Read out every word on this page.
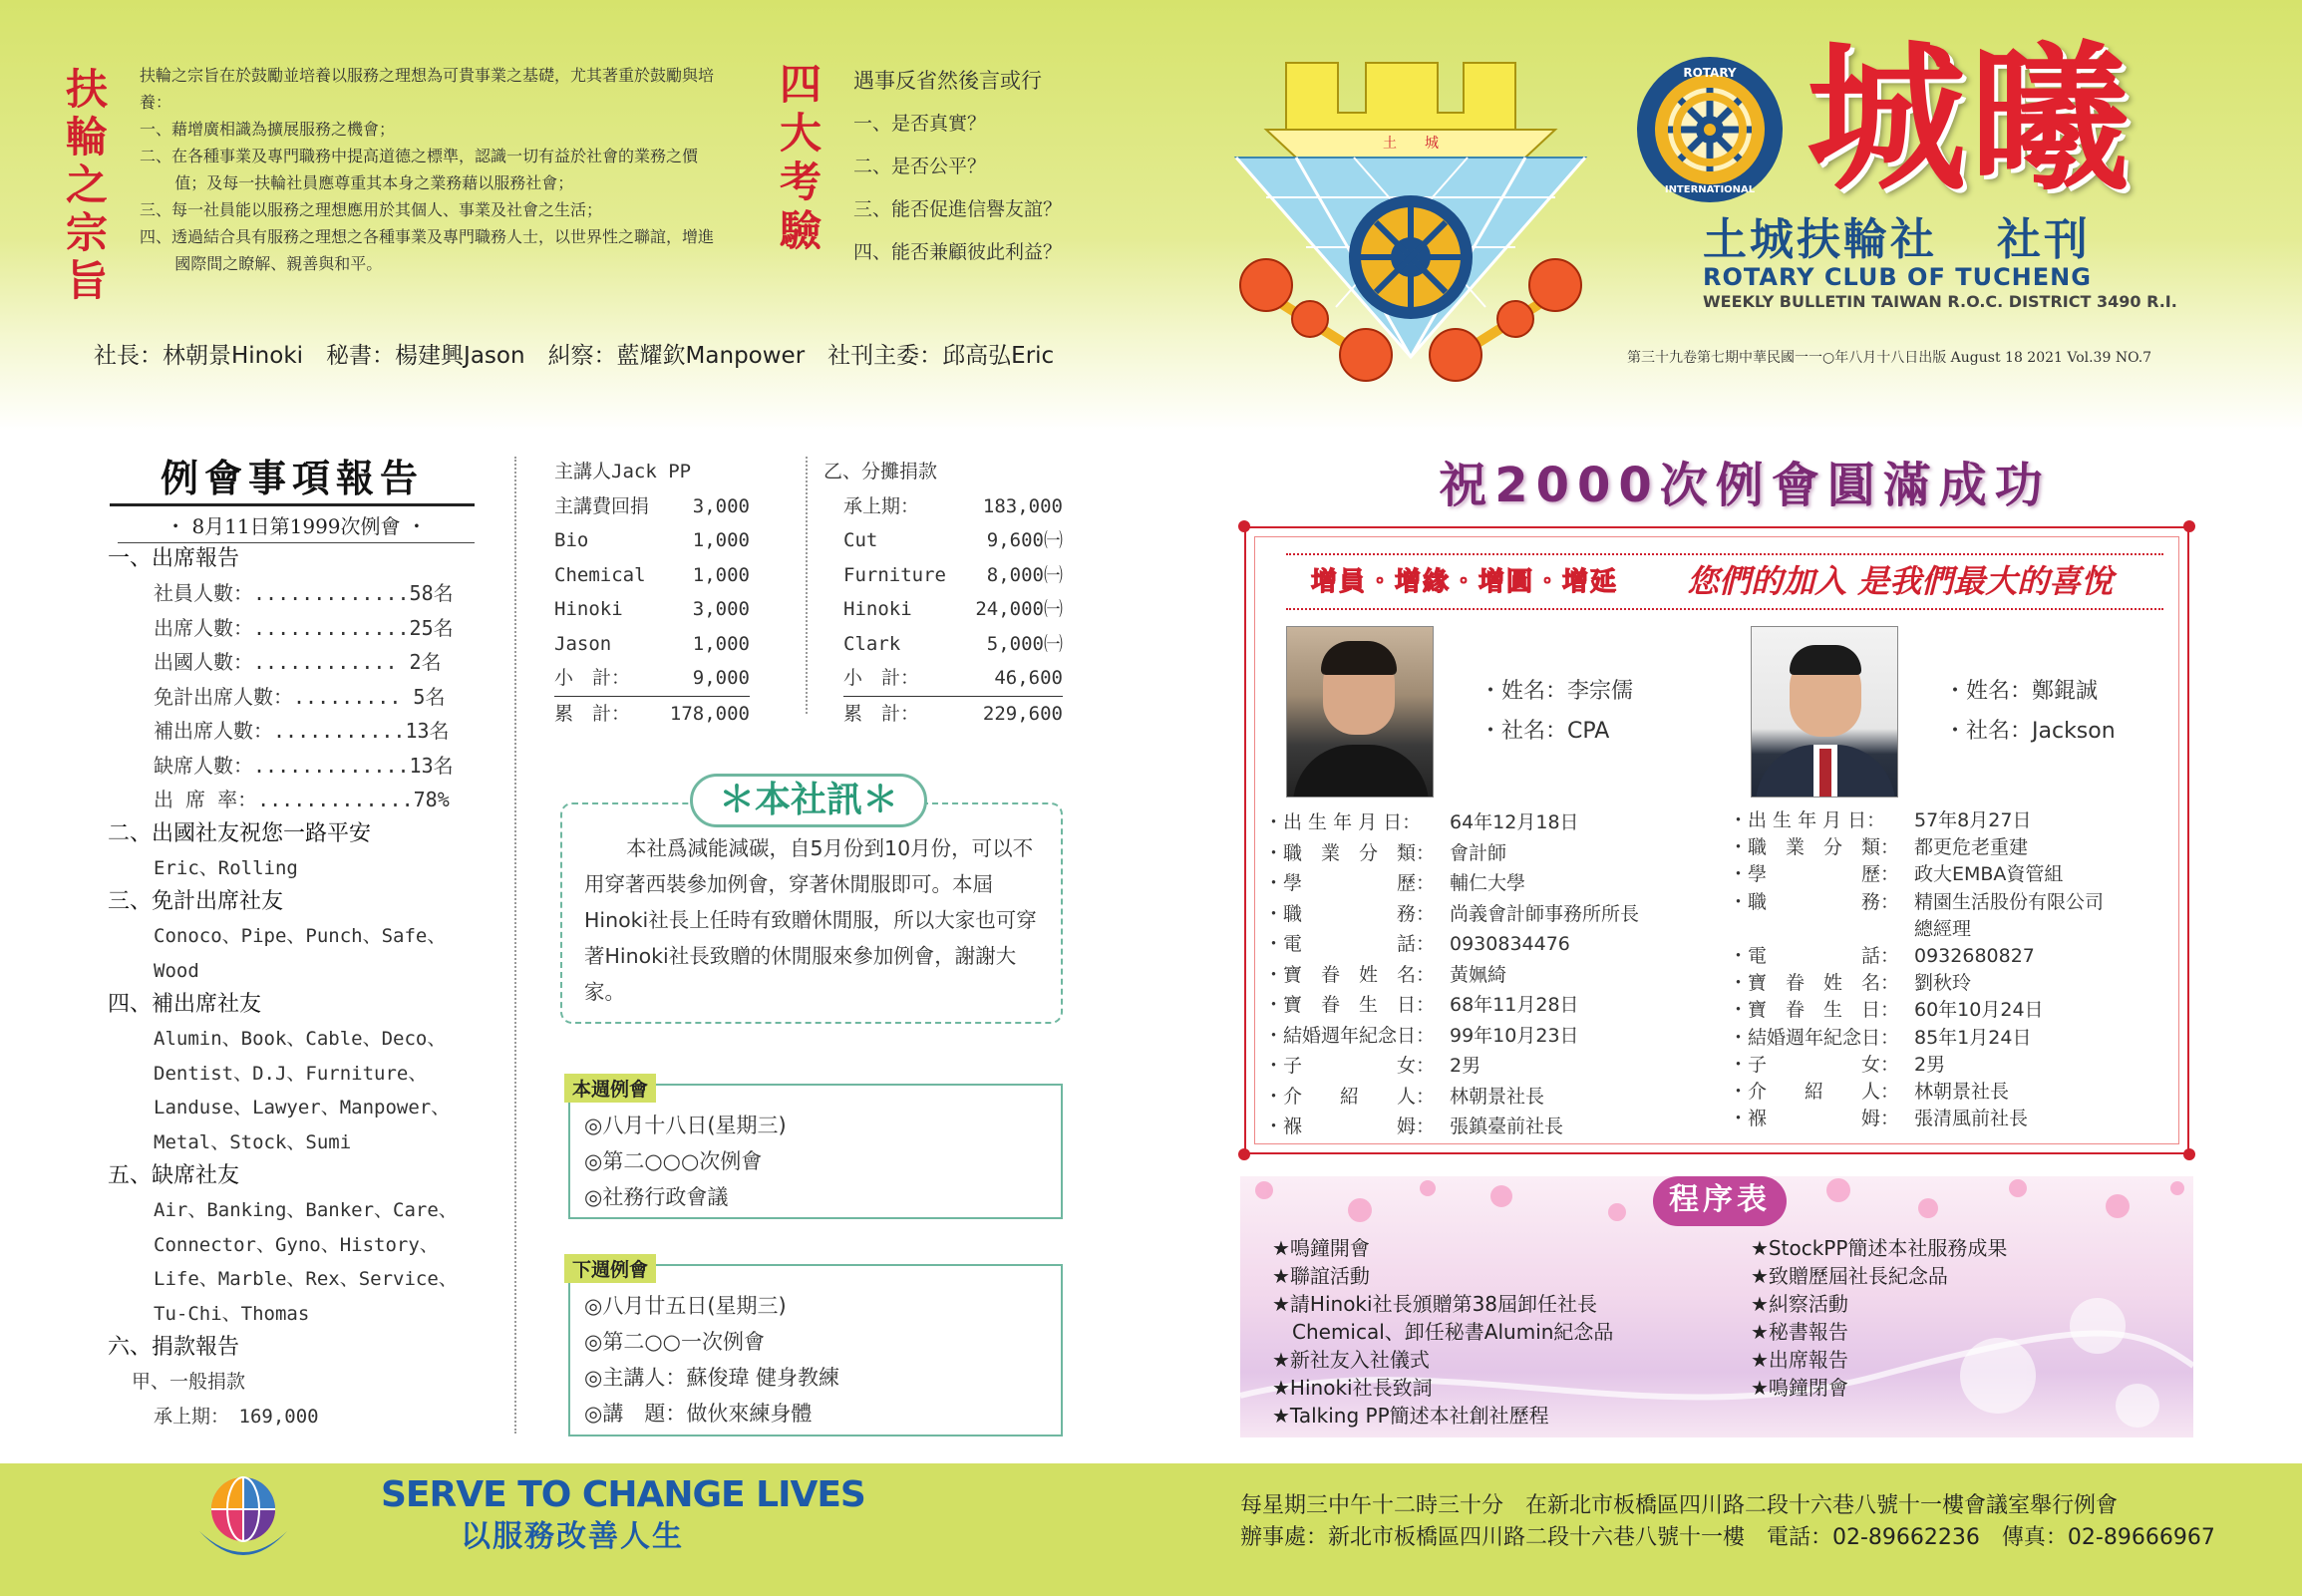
扶
輪
之
宗
旨
扶輪之宗旨在於鼓勵並培養以服務之理想為可貴事業之基礎，尤其著重於鼓勵與培養：
一、藉增廣相識為擴展服務之機會；
二、在各種事業及專門職務中提高道德之標準，認識一切有益於社會的業務之價值；及每一扶輪社員應尊重其本身之業務藉以服務社會；
三、每一社員能以服務之理想應用於其個人、事業及社會之生活；
四、透過結合具有服務之理想之各種事業及專門職務人士，以世界性之聯誼，增進國際間之瞭解、親善與和平。
四
大
考
驗
遇事反省然後言或行
一、是否真實？
二、是否公平？
三、能否促進信譽友誼？
四、能否兼顧彼此利益？
社長：林朝景Hinoki　秘書：楊建興Jason　糾察：藍耀欽Manpower　社刊主委：邱高弘Eric
土　　城
ROTARY
INTERNATIONAL 城曦
土城扶輪社 社刊
ROTARY CLUB OF TUCHENG
WEEKLY BULLETIN TAIWAN R.O.C. DISTRICT 3490 R.I.
第三十九卷第七期中華民國一一○年八月十八日出版 August 18 2021 Vol.39 NO.7
例會事項報告
・ 8月11日第1999次例會 ・
一、出席報告
社員人數：.............58名
出席人數：.............25名
出國人數：............ 2名
免計出席人數：......... 5名
補出席人數：...........13名
缺席人數：.............13名
出 席 率：.............78%
二、出國社友祝您一路平安
Eric、Rolling
三、免計出席社友
Conoco、Pipe、Punch、Safe、
Wood
四、補出席社友
Alumin、Book、Cable、Deco、
Dentist、D.J、Furniture、
Landuse、Lawyer、Manpower、
Metal、Stock、Sumi
五、缺席社友
Air、Banking、Banker、Care、
Connector、Gyno、History、
Life、Marble、Rex、Service、
Tu-Chi、Thomas
六、捐款報告
甲、一般捐款
承上期：　169,000
主講人Jack PP
主講費回捐 3,000
Bio	1,000
Chemical 1,000
Hinoki	3,000
Jason	1,000
小　計：	9,000
累　計： 178,000
乙、分攤捐款
承上期：	183,000
Cut	9,600㈠
Furniture 8,000㈠
Hinoki	24,000㈠
Clark	5,000㈠
小　計：	46,600
累　計：	229,600
本社爲減能減碳，自5月份到10月份，可以不用穿著西裝參加例會，穿著休閒服即可。本屆Hinoki社長上任時有致贈休閒服，所以大家也可穿著Hinoki社長致贈的休閒服來參加例會，謝謝大家。
＊本社訊＊
本週例會
◎八月十八日(星期三)
◎第二○○○次例會
◎社務行政會議
下週例會
◎八月廿五日(星期三)
◎第二○○一次例會
◎主講人：蘇俊瑋 健身教練
◎講　題：做伙來練身體
祝2000次例會圓滿成功
增員・增緣・增圓・增延 您們的加入 是我們最大的喜悅
・姓名：李宗儒
・社名：CPA
・出 生 年 月 日：	64年12月18日
・職　業　分　類： 會計師
・學　　　　　歷： 輔仁大學
・職　　　　　務： 尚義會計師事務所所長
・電　　　　　話： 0930834476
・寶　眷　姓　名： 黃姵綺
・寶　眷　生　日： 68年11月28日
・結婚週年紀念日： 99年10月23日
・子　　　　　女： 2男
・介　　紹　　人： 林朝景社長
・褓　　　　　姆： 張鎮臺前社長
・姓名：鄭錕誠
・社名：Jackson
・出 生 年 月 日：	57年8月27日
・職　業　分　類： 都更危老重建
・學　　　　　歷： 政大EMBA資管組
・職　　　　　務： 精園生活股份有限公司
總經理
・電　　　　　話： 0932680827
・寶　眷　姓　名： 劉秋玲
・寶　眷　生　日： 60年10月24日
・結婚週年紀念日： 85年1月24日
・子　　　　　女： 2男
・介　　紹　　人： 林朝景社長
・褓　　　　　姆： 張清風前社長
程序表
★鳴鐘開會
★聯誼活動
★請Hinoki社長頒贈第38屆卸任社長
　Chemical、卸任秘書Alumin紀念品
★新社友入社儀式
★Hinoki社長致詞
★Talking PP簡述本社創社歷程
★StockPP簡述本社服務成果
★致贈歷屆社長紀念品
★糾察活動
★秘書報告
★出席報告
★鳴鐘閉會
SERVE TO CHANGE LIVES
以服務改善人生
每星期三中午十二時三十分　在新北市板橋區四川路二段十六巷八號十一樓會議室舉行例會
辦事處：新北市板橋區四川路二段十六巷八號十一樓　電話：02-89662236　傳真：02-89666967
